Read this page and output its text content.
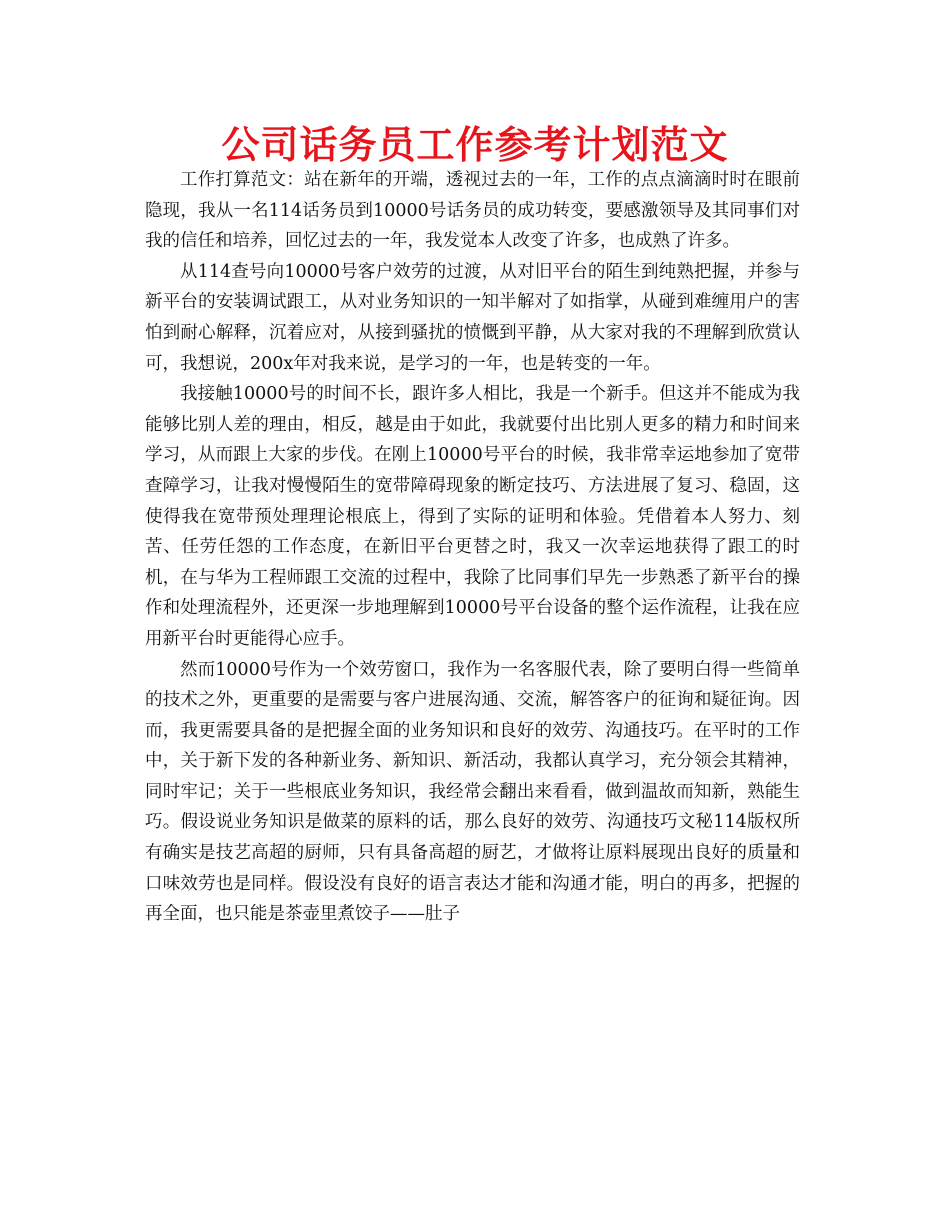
公司话务员工作参考计划范文

工作打算范文：站在新年的开端，透视过去的一年，工作的点点滴滴时时在眼前隐现，我从一名114话务员到10000号话务员的成功转变，要感激领导及其同事们对我的信任和培养，回忆过去的一年，我发觉本人改变了许多，也成熟了许多。

从114查号向10000号客户效劳的过渡，从对旧平台的陌生到纯熟把握，并参与新平台的安装调试跟工，从对业务知识的一知半解对了如指掌，从碰到难缠用户的害怕到耐心解释，沉着应对，从接到骚扰的愤慨到平静，从大家对我的不理解到欣赏认可，我想说，200x年对我来说，是学习的一年，也是转变的一年。

我接触10000号的时间不长，跟许多人相比，我是一个新手。但这并不能成为我能够比别人差的理由，相反，越是由于如此，我就要付出比别人更多的精力和时间来学习，从而跟上大家的步伐。在刚上10000号平台的时候，我非常幸运地参加了宽带查障学习，让我对慢慢陌生的宽带障碍现象的断定技巧、方法进展了复习、稳固，这使得我在宽带预处理理论根底上，得到了实际的证明和体验。凭借着本人努力、刻苦、任劳任怨的工作态度，在新旧平台更替之时，我又一次幸运地获得了跟工的时机，在与华为工程师跟工交流的过程中，我除了比同事们早先一步熟悉了新平台的操作和处理流程外，还更深一步地理解到10000号平台设备的整个运作流程，让我在应用新平台时更能得心应手。

然而10000号作为一个效劳窗口，我作为一名客服代表，除了要明白得一些简单的技术之外，更重要的是需要与客户进展沟通、交流，解答客户的征询和疑征询。因而，我更需要具备的是把握全面的业务知识和良好的效劳、沟通技巧。在平时的工作中，关于新下发的各种新业务、新知识、新活动，我都认真学习，充分领会其精神，同时牢记；关于一些根底业务知识，我经常会翻出来看看，做到温故而知新，熟能生巧。假设说业务知识是做菜的原料的话，那么良好的效劳、沟通技巧文秘114版权所有确实是技艺高超的厨师，只有具备高超的厨艺，才做将让原料展现出良好的质量和口味效劳也是同样。假设没有良好的语言表达才能和沟通才能，明白的再多，把握的再全面，也只能是茶壶里煮饺子——肚子
